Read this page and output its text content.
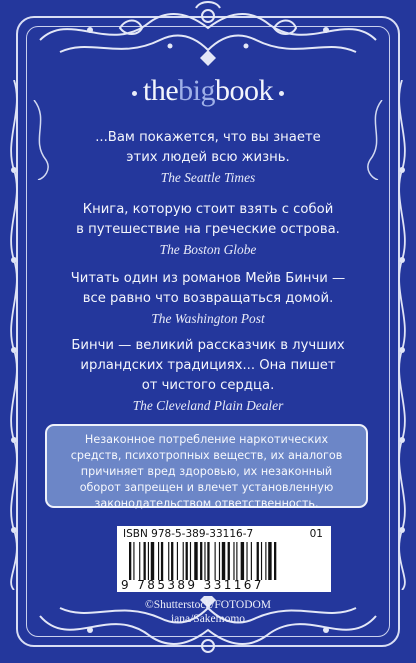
thebigbook
...Вам покажется, что вы знаете
этих людей всю жизнь.
The Seattle Times
Книга, которую стоит взять с собой
в путешествие на греческие острова.
The Boston Globe
Читать один из романов Мейв Бинчи —
все равно что возвращаться домой.
The Washington Post
Бинчи — великий рассказчик в лучших
ирландских традициях... Она пишет
от чистого сердца.
The Cleveland Plain Dealer
Незаконное потребление наркотических
средств, психотропных веществ, их аналогов
причиняет вред здоровью, их незаконный
оборот запрещен и влечет установленную
законодательством ответственность.
ISBN 978-5-389-33116-7	01
9 785389 331167
©Shutterstock/FOTODOM
iana/Sakemomo
